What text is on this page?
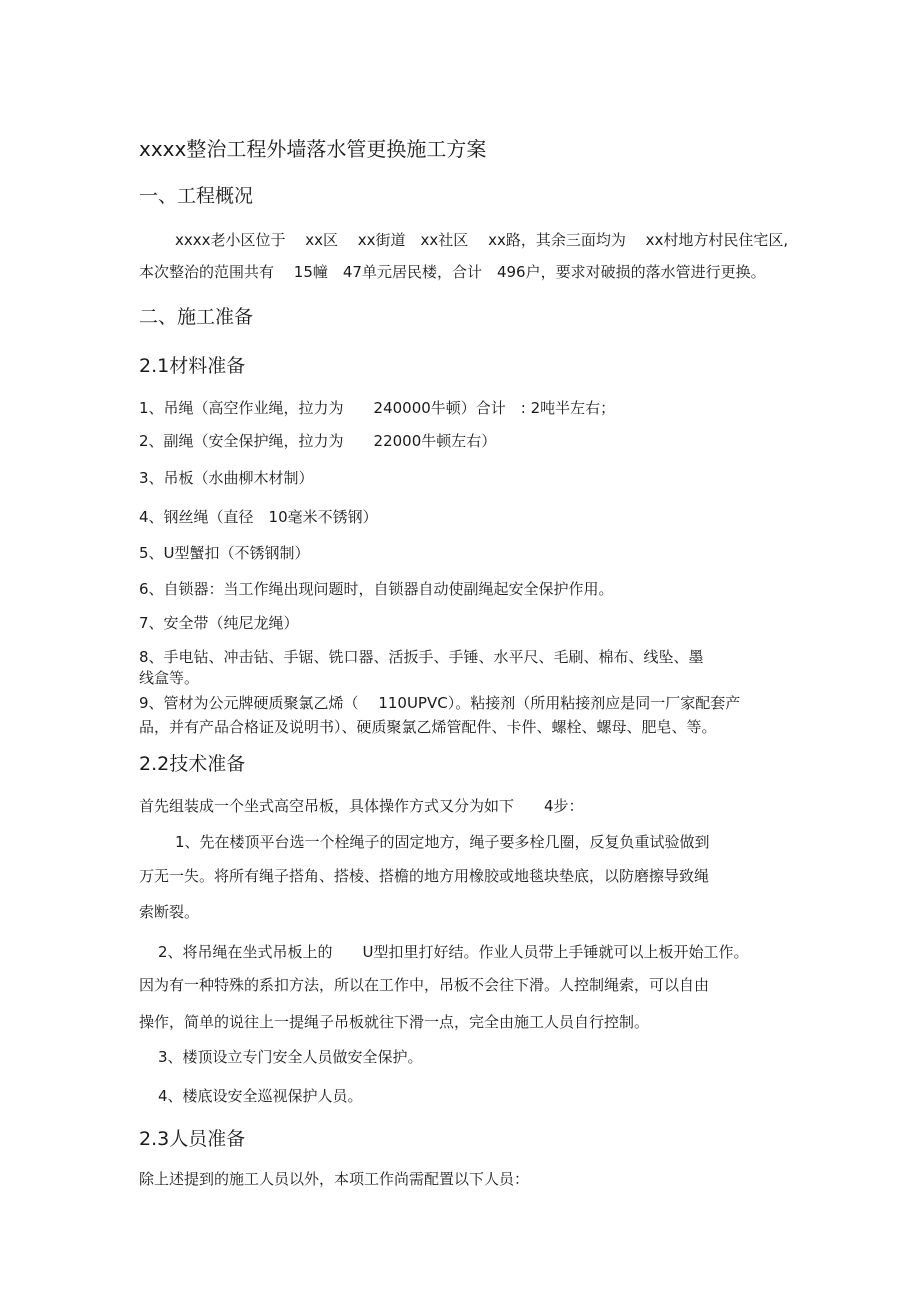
xxxx整治工程外墙落水管更换施工方案

一、工程概况

xxxx老小区位于　 xx区　 xx街道　xx社区　 xx路，其余三面均为　 xx村地方村民住宅区,

本次整治的范围共有　 15幢　47单元居民楼，合计　496户，要求对破损的落水管进行更换。

二、施工准备

2.1材料准备

1、吊绳（高空作业绳，拉力为　　240000牛顿）合计　: 2吨半左右；

2、副绳（安全保护绳，拉力为　　22000牛顿左右）

3、吊板（水曲柳木材制）

4、钢丝绳（直径　10毫米不锈钢）

5、U型蟹扣（不锈钢制）

6、自锁器：当工作绳出现问题时，自锁器自动使副绳起安全保护作用。

7、安全带（纯尼龙绳）

8、手电钻、冲击钻、手锯、铣口器、活扳手、手锤、水平尺、毛刷、棉布、线坠、墨

线盒等。

9、管材为公元牌硬质聚氯乙烯（　 110UPVC）。粘接剂（所用粘接剂应是同一厂家配套产

品，并有产品合格证及说明书）、硬质聚氯乙烯管配件、卡件、螺栓、螺母、肥皂、等。

2.2技术准备

首先组装成一个坐式高空吊板，具体操作方式又分为如下　　4步：

1、先在楼顶平台选一个栓绳子的固定地方，绳子要多栓几圈，反复负重试验做到

万无一失。将所有绳子搭角、搭棱、搭檐的地方用橡胶或地毯块垫底，以防磨擦导致绳

索断裂。

2、将吊绳在坐式吊板上的　　U型扣里打好结。作业人员带上手锤就可以上板开始工作。

因为有一种特殊的系扣方法，所以在工作中，吊板不会往下滑。人控制绳索，可以自由

操作，简单的说往上一提绳子吊板就往下滑一点，完全由施工人员自行控制。

3、楼顶设立专门安全人员做安全保护。

4、楼底设安全巡视保护人员。

2.3人员准备

除上述提到的施工人员以外，本项工作尚需配置以下人员：
